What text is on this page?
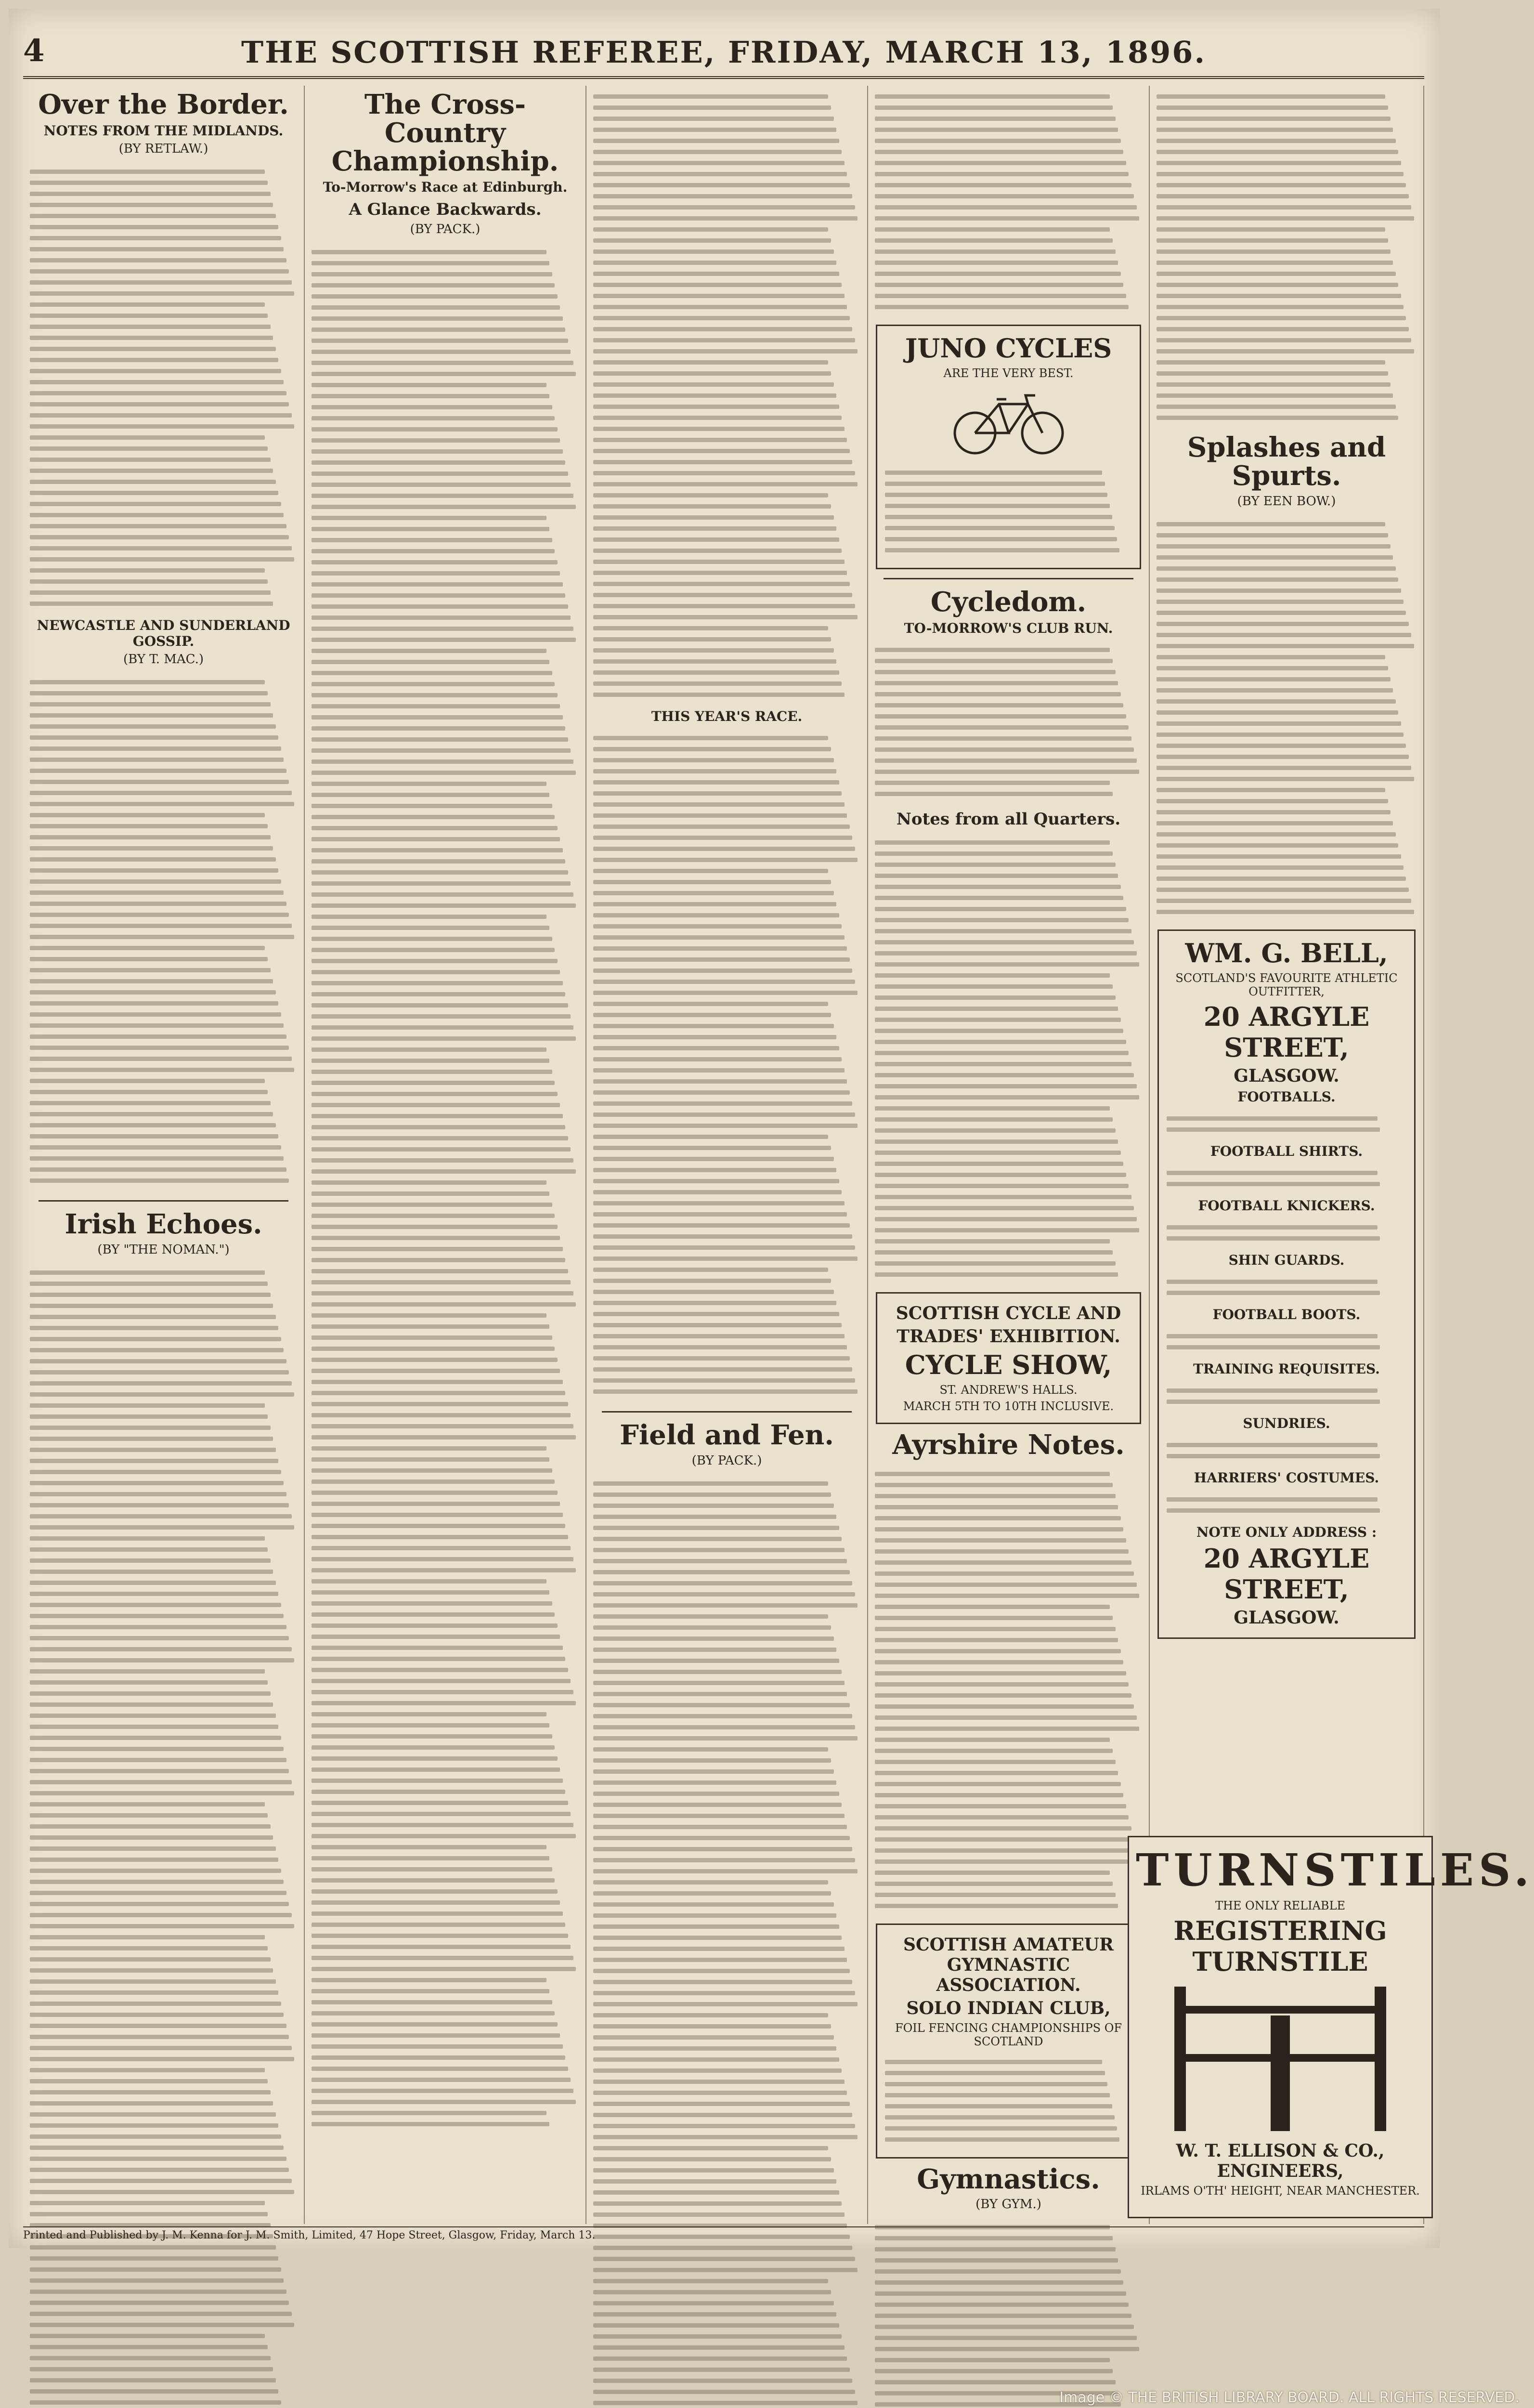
4	THE SCOTTISH REFEREE, FRIDAY, MARCH 13, 1896.
Over the Border.
NOTES FROM THE MIDLANDS.
(BY RETLAW.)
NEWCASTLE AND SUNDERLAND GOSSIP.
(BY T. MAC.)
Irish Echoes.
(BY "THE NOMAN.")
The Cross-Country Championship.
To-Morrow's Race at Edinburgh.
A Glance Backwards.
(BY PACK.)
THIS YEAR'S RACE.
Field and Fen.
(BY PACK.)
JUNO CYCLES
ARE THE VERY BEST.
Cycledom.
TO-MORROW'S CLUB RUN.
Notes from all Quarters.
SCOTTISH CYCLE AND
TRADES' EXHIBITION.
CYCLE SHOW,
ST. ANDREW'S HALLS.
MARCH 5TH TO 10TH INCLUSIVE.
Ayrshire Notes.
SCOTTISH AMATEUR GYMNASTIC ASSOCIATION.
SOLO INDIAN CLUB,
FOIL FENCING CHAMPIONSHIPS OF SCOTLAND
Gymnastics.
(BY GYM.)
Splashes and Spurts.
(BY EEN BOW.)
WM. G. BELL,
SCOTLAND'S FAVOURITE ATHLETIC OUTFITTER,
20 ARGYLE STREET,
GLASGOW.
FOOTBALLS.
FOOTBALL SHIRTS.
FOOTBALL KNICKERS.
SHIN GUARDS.
FOOTBALL BOOTS.
TRAINING REQUISITES.
SUNDRIES.
HARRIERS' COSTUMES.
NOTE ONLY ADDRESS :
20 ARGYLE STREET,
GLASGOW.
TURNSTILES.
THE ONLY RELIABLE
REGISTERING
TURNSTILE
W. T. ELLISON & CO., ENGINEERS,
IRLAMS O'TH' HEIGHT, NEAR MANCHESTER.
Printed and Published by J. M. Kenna for J. M. Smith, Limited, 47 Hope Street, Glasgow, Friday, March 13.
Image © THE BRITISH LIBRARY BOARD. ALL RIGHTS RESERVED.
